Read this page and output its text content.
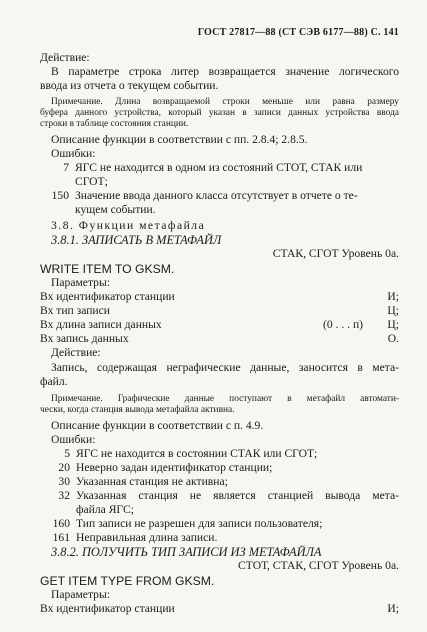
ГОСТ 27817—88 (СТ СЭВ 6177—88) С. 141
Действие:
В параметре строка литер возвращается значение логического
ввода из отчета о текущем событии.
Примечание. Длина возвращаемой строки меньше или равна размеру
буфера данного устройства, который указан в записи данных устройства ввода
строки в таблице состояния станции.
Описание функции в соответствии с пп. 2.8.4; 2.8.5.
Ошибки:
7 ЯГС не находится в одном из состояний СТОТ, СТАК или
СГОТ;
150 Значение ввода данного класса отсутствует в отчете о те-
кущем событии.
3.8. Функции метафайла
3.8.1. ЗАПИСАТЬ В МЕТАФАЙЛ
СТАК, СГОТ Уровень 0а.
WRITE ITEM TO GKSM.
Параметры:
Вх идентификатор станции	И;
Вх тип записи	Ц;
Вх длина записи данных	(0 . . . п)	Ц;
Вх запись данных	О.
Действие:
Запись, содержащая неграфические данные, заносится в мета-
файл.
Примечание. Графические данные поступают в метафайл автомати-
чески, когда станция вывода метафайла активна.
Описание функции в соответствии с п. 4.9.
Ошибки:
5 ЯГС не находится в состоянии СТАК или СГОТ;
20 Неверно задан идентификатор станции;
30 Указанная станция не активна;
32 Указанная станция не является станцией вывода мета-
файла ЯГС;
160 Тип записи не разрешен для записи пользователя;
161 Неправильная длина записи.
3.8.2. ПОЛУЧИТЬ ТИП ЗАПИСИ ИЗ МЕТАФАЙЛА
СТОТ, СТАК, СГОТ Уровень 0а.
GET ITEM TYPE FROM GKSM.
Параметры:
Вх идентификатор станции	И;
